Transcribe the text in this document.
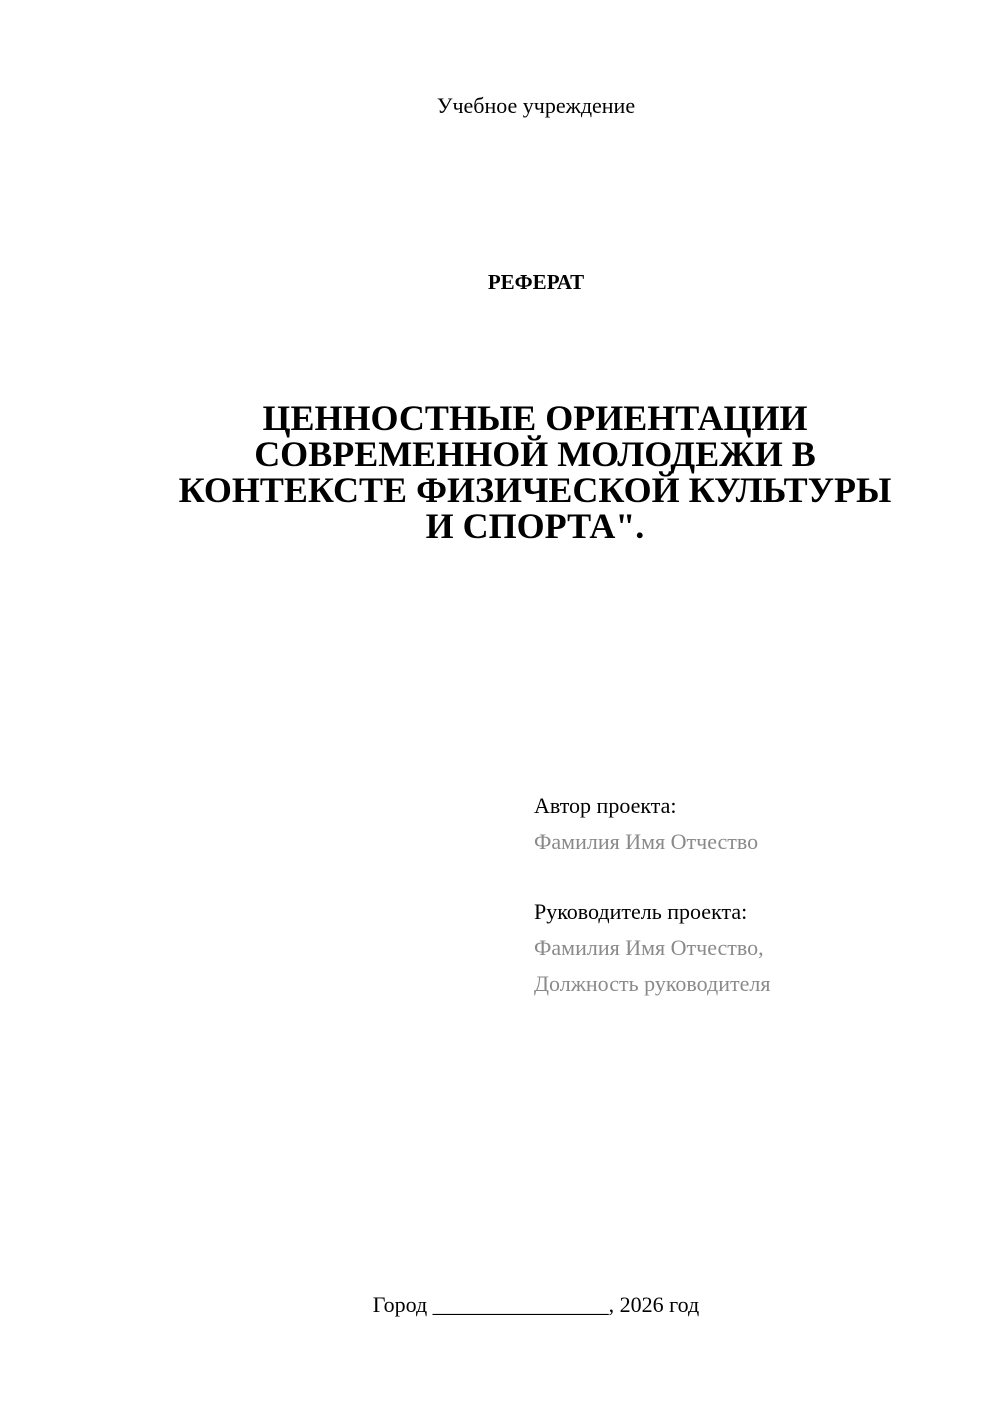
Учебное учреждение
РЕФЕРАТ
ЦЕННОСТНЫЕ ОРИЕНТАЦИИ
СОВРЕМЕННОЙ МОЛОДЕЖИ В
КОНТЕКСТЕ ФИЗИЧЕСКОЙ КУЛЬТУРЫ
И СПОРТА".
Автор проекта:
Фамилия Имя Отчество
Руководитель проекта:
Фамилия Имя Отчество,
Должность руководителя
Город ________________, 2026 год
